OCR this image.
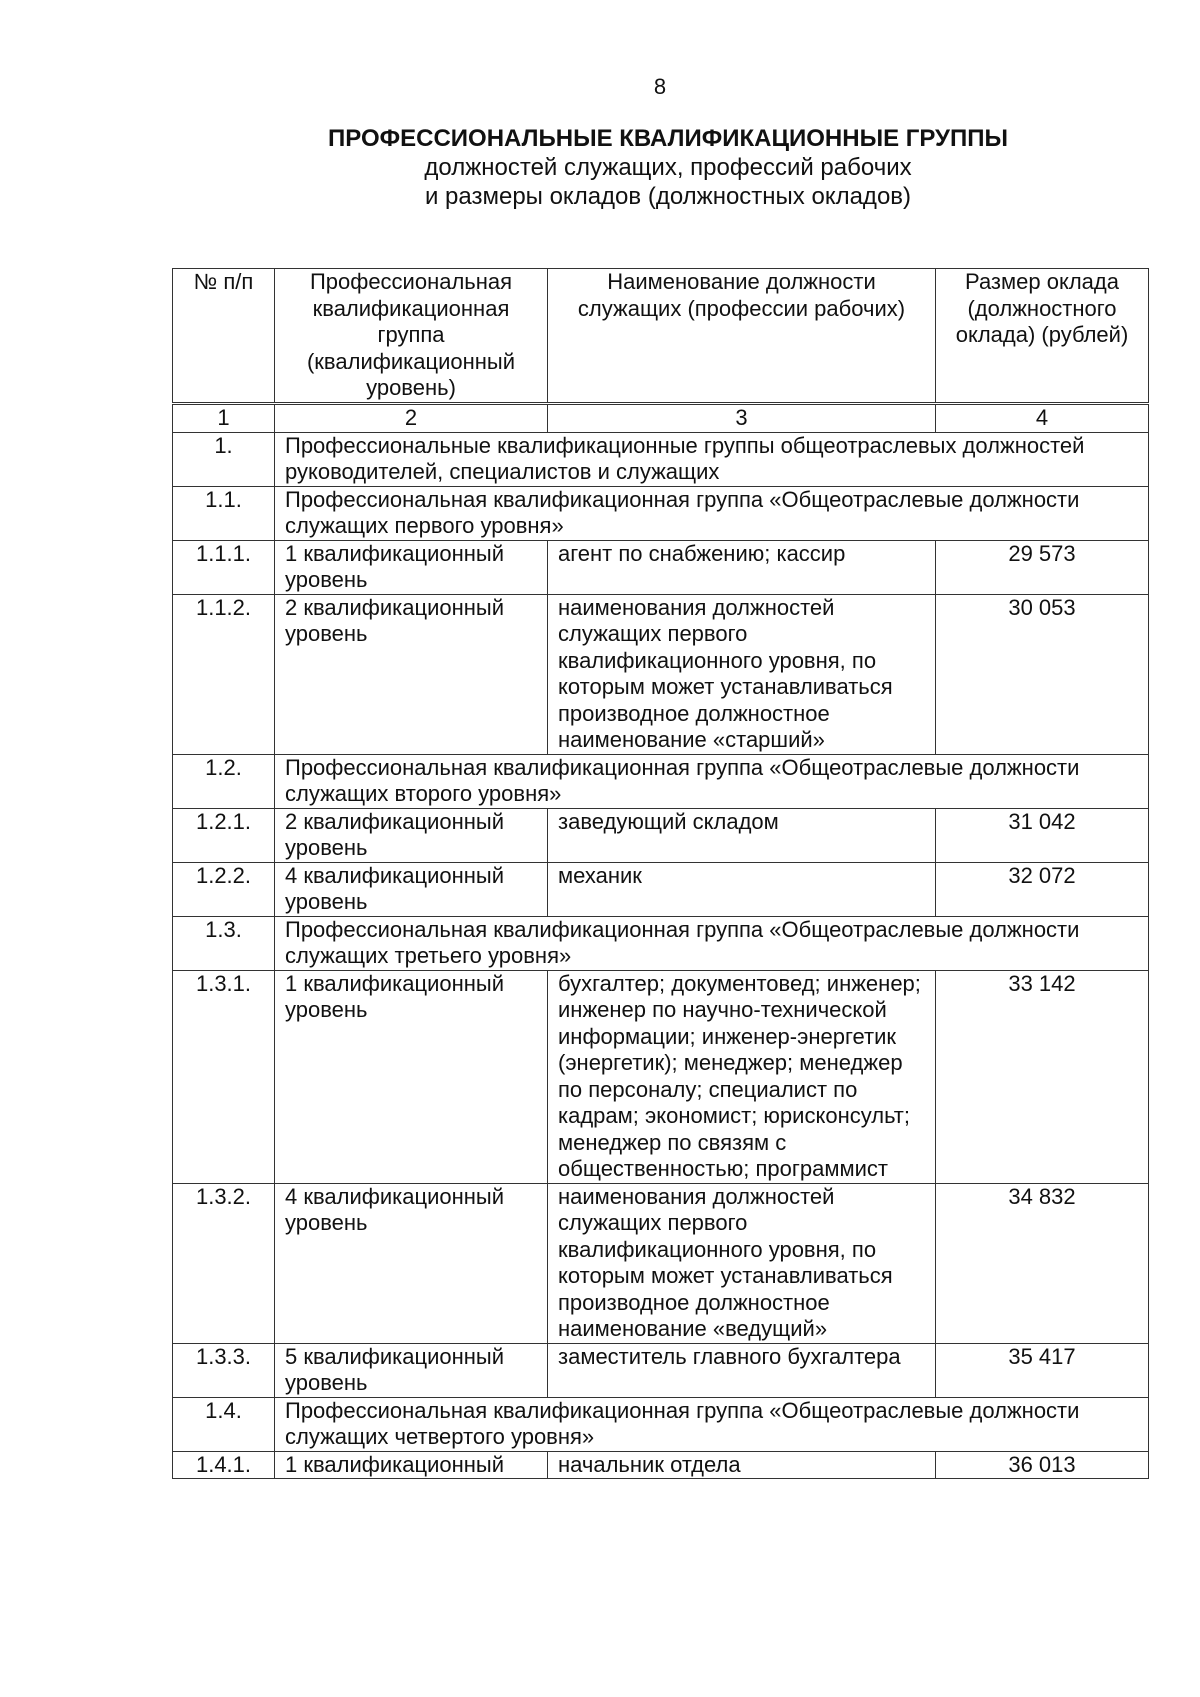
8
ПРОФЕССИОНАЛЬНЫЕ КВАЛИФИКАЦИОННЫЕ ГРУППЫ
должностей служащих, профессий рабочих
и размеры окладов (должностных окладов)
№ п/п	Профессиональная квалификационная группа (квалификационный уровень)	Наименование должности служащих (профессии рабочих)	Размер оклада (должностного оклада) (рублей)
1	2	3	4
1.	Профессиональные квалификационные группы общеотраслевых должностей руководителей, специалистов и служащих		
1.1.	Профессиональная квалификационная группа «Общеотраслевые должности служащих первого уровня»		
1.1.1.	1 квалификационный уровень	агент по снабжению; кассир	29 573
1.1.2.	2 квалификационный уровень	наименования должностей служащих первого квалификационного уровня, по которым может устанавливаться производное должностное наименование «старший»	30 053
1.2.	Профессиональная квалификационная группа «Общеотраслевые должности служащих второго уровня»		
1.2.1.	2 квалификационный уровень	заведующий складом	31 042
1.2.2.	4 квалификационный уровень	механик	32 072
1.3.	Профессиональная квалификационная группа «Общеотраслевые должности служащих третьего уровня»		
1.3.1.	1 квалификационный уровень	бухгалтер; документовед; инженер; инженер по научно-технической информации; инженер-энергетик (энергетик); менеджер; менеджер по персоналу; специалист по кадрам; экономист; юрисконсульт; менеджер по связям с общественностью; программист	33 142
1.3.2.	4 квалификационный уровень	наименования должностей служащих первого квалификационного уровня, по которым может устанавливаться производное должностное наименование «ведущий»	34 832
1.3.3.	5 квалификационный уровень	заместитель главного бухгалтера	35 417
1.4.	Профессиональная квалификационная группа «Общеотраслевые должности служащих четвертого уровня»		
1.4.1.	1 квалификационный	начальник отдела	36 013
